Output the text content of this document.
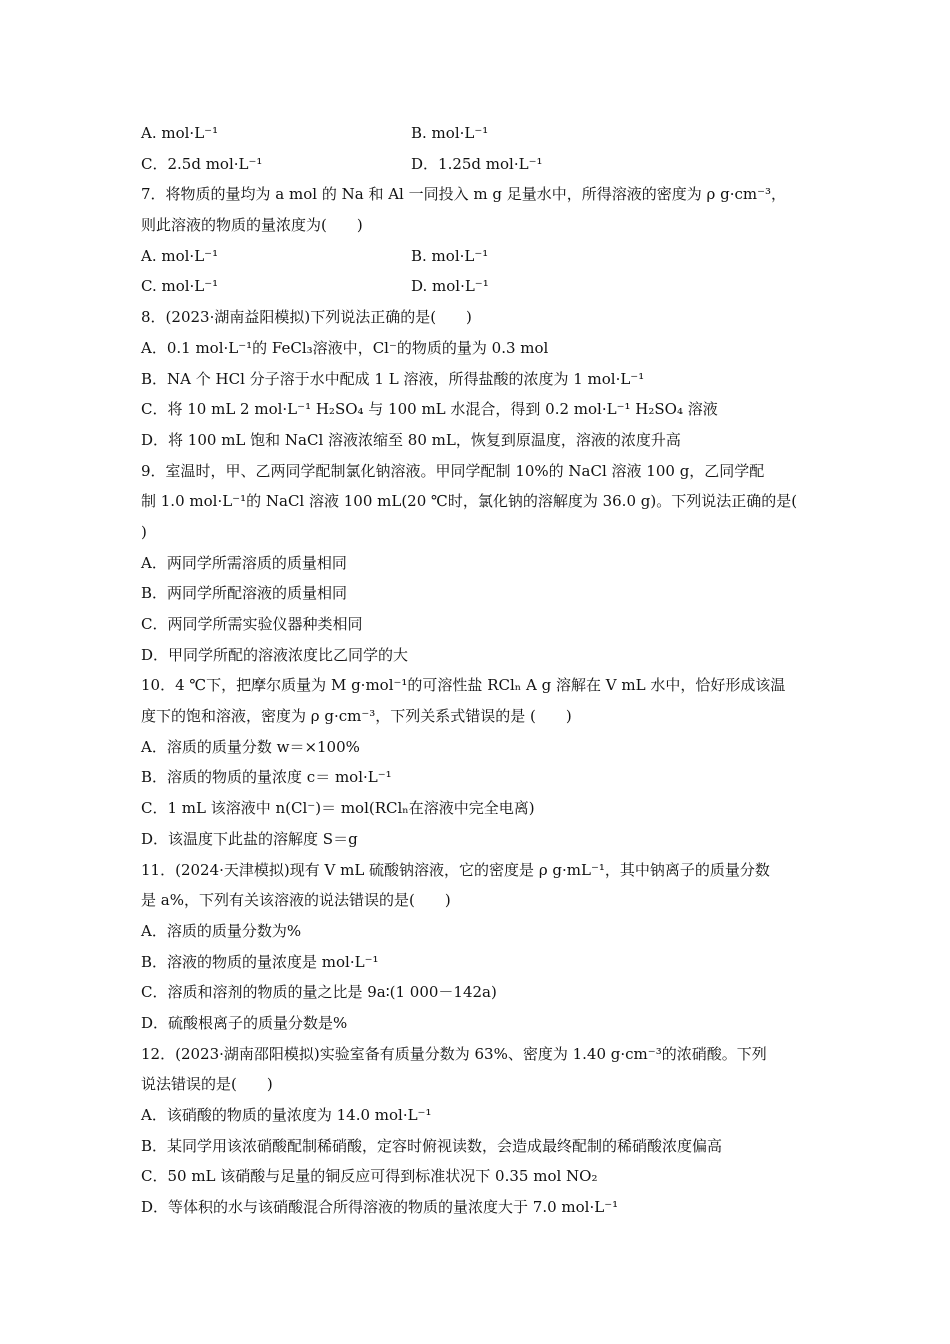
A. mol·L⁻¹	B. mol·L⁻¹
C．2.5d mol·L⁻¹	D．1.25d mol·L⁻¹
7．将物质的量均为 a mol 的 Na 和 Al 一同投入 m g 足量水中，所得溶液的密度为 ρ g·cm⁻³，
则此溶液的物质的量浓度为(　　)
A. mol·L⁻¹	B. mol·L⁻¹
C. mol·L⁻¹	D. mol·L⁻¹
8．(2023·湖南益阳模拟)下列说法正确的是(　　)
A．0.1 mol·L⁻¹的 FeCl₃溶液中，Cl⁻的物质的量为 0.3 mol
B．NA 个 HCl 分子溶于水中配成 1 L 溶液，所得盐酸的浓度为 1 mol·L⁻¹
C．将 10 mL 2 mol·L⁻¹ H₂SO₄ 与 100 mL 水混合，得到 0.2 mol·L⁻¹ H₂SO₄ 溶液
D．将 100 mL 饱和 NaCl 溶液浓缩至 80 mL，恢复到原温度，溶液的浓度升高
9．室温时，甲、乙两同学配制氯化钠溶液。甲同学配制 10%的 NaCl 溶液 100 g，乙同学配
制 1.0 mol·L⁻¹的 NaCl 溶液 100 mL(20 ℃时，氯化钠的溶解度为 36.0 g)。下列说法正确的是(
)
A．两同学所需溶质的质量相同
B．两同学所配溶液的质量相同
C．两同学所需实验仪器种类相同
D．甲同学所配的溶液浓度比乙同学的大
10．4 ℃下，把摩尔质量为 M g·mol⁻¹的可溶性盐 RClₙ A g 溶解在 V mL 水中，恰好形成该温
度下的饱和溶液，密度为 ρ g·cm⁻³，下列关系式错误的是 (　　)
A．溶质的质量分数 w＝×100%
B．溶质的物质的量浓度 c＝ mol·L⁻¹
C．1 mL 该溶液中 n(Cl⁻)＝ mol(RClₙ在溶液中完全电离)
D．该温度下此盐的溶解度 S＝g
11．(2024·天津模拟)现有 V mL 硫酸钠溶液，它的密度是 ρ g·mL⁻¹，其中钠离子的质量分数
是 a%，下列有关该溶液的说法错误的是(　　)
A．溶质的质量分数为%
B．溶液的物质的量浓度是 mol·L⁻¹
C．溶质和溶剂的物质的量之比是 9a∶(1 000－142a)
D．硫酸根离子的质量分数是%
12．(2023·湖南邵阳模拟)实验室备有质量分数为 63%、密度为 1.40 g·cm⁻³的浓硝酸。下列
说法错误的是(　　)
A．该硝酸的物质的量浓度为 14.0 mol·L⁻¹
B．某同学用该浓硝酸配制稀硝酸，定容时俯视读数，会造成最终配制的稀硝酸浓度偏高
C．50 mL 该硝酸与足量的铜反应可得到标准状况下 0.35 mol NO₂
D．等体积的水与该硝酸混合所得溶液的物质的量浓度大于 7.0 mol·L⁻¹
